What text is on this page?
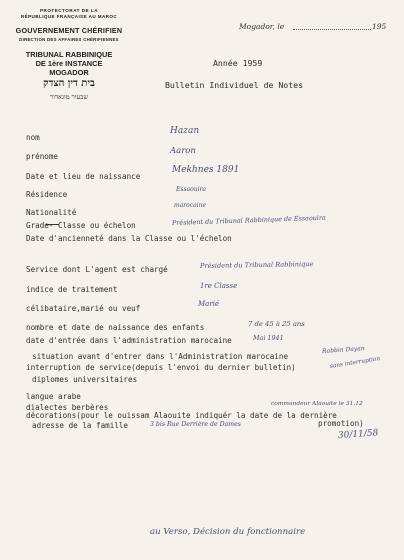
PROTECTORAT DE LA
RÉPUBLIQUE FRANÇAISE AU MAROC
GOUVERNEMENT CHÉRIFIEN
DIRECTION DES AFFAIRES CHÉRIFIENNES
TRIBUNAL RABBINIQUE
DE 1ère INSTANCE
MOGADOR
בית דין הצדק
שבעיר מוגאדור
Mogador, le	195
Année 1959
Bulletin Individuel de Notes
nom
prénome
Date et lieu de naissance
Résidence
Nationalité
Grade- Classe ou échelon
Date d'ancienneté dans la Classe ou l'échelon
Service dont L'agent est chargé
indice de traitement
célibataire,marié ou veuf
nombre et date de naissance des enfants
date d'entrée dans l'administration marocaine
situation avant d'entrer dans l'Administration marocaine
interruption de service(depuis l'envoi du dernier bulletin)
diplomes universitaires
langue arabe
dialectes berbères
décorations(pour le ouissam Alaouite indiquér la date de la dernière
promotion)
adresse de la famille
Hazan
Aaron
Mekhnes 1891
Essaouira
marocaine
Président du Tribunal Rabbinique de Essaouira
Président du Tribunal Rabbinique
1re Classe
Marié
7 de 45 à 25 ans
Mai 1941
Rabbin Dayan
sans interruption
commandeur Alaouite le 31.12
3 bis Rue Derrière de Dames
30/11/58
au Verso, Décision du fonctionnaire
